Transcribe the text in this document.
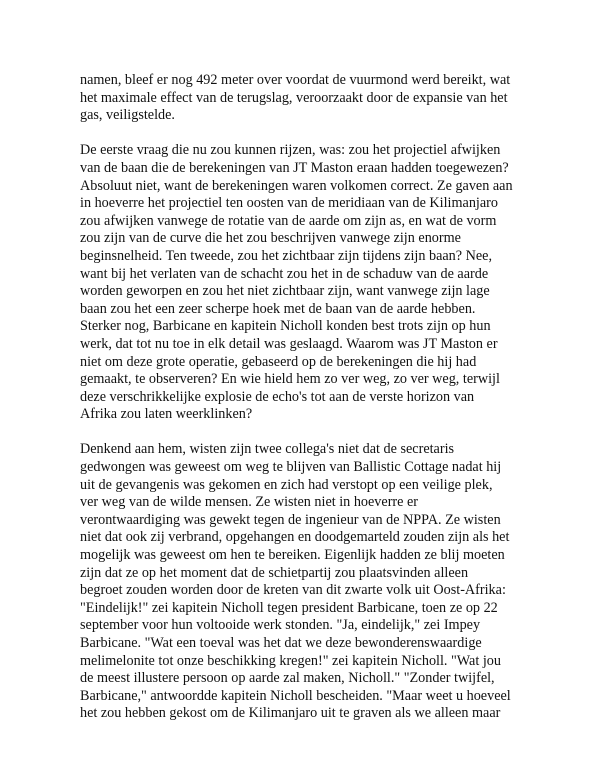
namen, bleef er nog 492 meter over voordat de vuurmond werd bereikt, wat
het maximale effect van de terugslag, veroorzaakt door de expansie van het
gas, veiligstelde.

De eerste vraag die nu zou kunnen rijzen, was: zou het projectiel afwijken
van de baan die de berekeningen van JT Maston eraan hadden toegewezen?
Absoluut niet, want de berekeningen waren volkomen correct. Ze gaven aan
in hoeverre het projectiel ten oosten van de meridiaan van de Kilimanjaro
zou afwijken vanwege de rotatie van de aarde om zijn as, en wat de vorm
zou zijn van de curve die het zou beschrijven vanwege zijn enorme
beginsnelheid. Ten tweede, zou het zichtbaar zijn tijdens zijn baan? Nee,
want bij het verlaten van de schacht zou het in de schaduw van de aarde
worden geworpen en zou het niet zichtbaar zijn, want vanwege zijn lage
baan zou het een zeer scherpe hoek met de baan van de aarde hebben.
Sterker nog, Barbicane en kapitein Nicholl konden best trots zijn op hun
werk, dat tot nu toe in elk detail was geslaagd. Waarom was JT Maston er
niet om deze grote operatie, gebaseerd op de berekeningen die hij had
gemaakt, te observeren? En wie hield hem zo ver weg, zo ver weg, terwijl
deze verschrikkelijke explosie de echo's tot aan de verste horizon van
Afrika zou laten weerklinken?

Denkend aan hem, wisten zijn twee collega's niet dat de secretaris
gedwongen was geweest om weg te blijven van Ballistic Cottage nadat hij
uit de gevangenis was gekomen en zich had verstopt op een veilige plek,
ver weg van de wilde mensen. Ze wisten niet in hoeverre er
verontwaardiging was gewekt tegen de ingenieur van de NPPA. Ze wisten
niet dat ook zij verbrand, opgehangen en doodgemarteld zouden zijn als het
mogelijk was geweest om hen te bereiken. Eigenlijk hadden ze blij moeten
zijn dat ze op het moment dat de schietpartij zou plaatsvinden alleen
begroet zouden worden door de kreten van dit zwarte volk uit Oost-Afrika:
"Eindelijk!" zei kapitein Nicholl tegen president Barbicane, toen ze op 22
september voor hun voltooide werk stonden. "Ja, eindelijk," zei Impey
Barbicane. "Wat een toeval was het dat we deze bewonderenswaardige
melimelonite tot onze beschikking kregen!" zei kapitein Nicholl. "Wat jou
de meest illustere persoon op aarde zal maken, Nicholl." "Zonder twijfel,
Barbicane," antwoordde kapitein Nicholl bescheiden. "Maar weet u hoeveel
het zou hebben gekost om de Kilimanjaro uit te graven als we alleen maar
